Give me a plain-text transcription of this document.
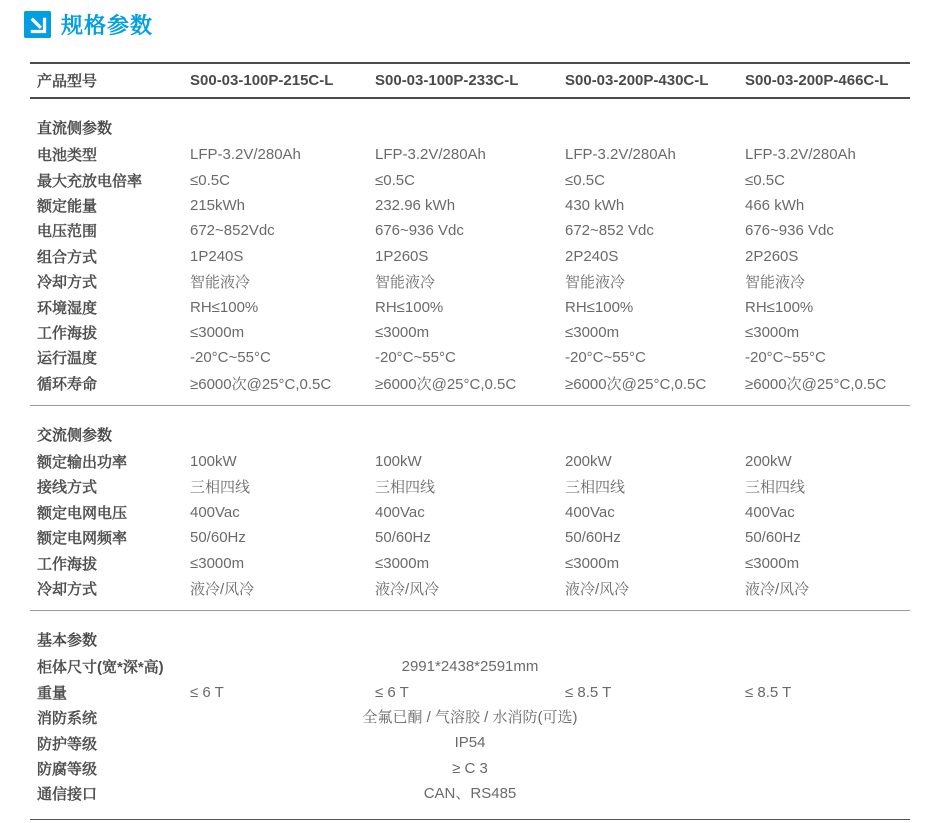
规格参数
产品型号	S00-03-100P-215C-L	S00-03-100P-233C-L	S00-03-200P-430C-L	S00-03-200P-466C-L
直流侧参数
电池类型	LFP-3.2V/280Ah	LFP-3.2V/280Ah	LFP-3.2V/280Ah	LFP-3.2V/280Ah
最大充放电倍率	≤0.5C	≤0.5C	≤0.5C	≤0.5C
额定能量	215kWh	232.96 kWh	430 kWh	466 kWh
电压范围	672~852Vdc	676~936 Vdc	672~852 Vdc	676~936 Vdc
组合方式	1P240S	1P260S	2P240S	2P260S
冷却方式	智能液冷	智能液冷	智能液冷	智能液冷
环境湿度	RH≤100%	RH≤100%	RH≤100%	RH≤100%
工作海拔	≤3000m	≤3000m	≤3000m	≤3000m
运行温度	-20°C~55°C	-20°C~55°C	-20°C~55°C	-20°C~55°C
循环寿命	≥6000次@25°C,0.5C	≥6000次@25°C,0.5C	≥6000次@25°C,0.5C	≥6000次@25°C,0.5C
交流侧参数
额定输出功率	100kW	100kW	200kW	200kW
接线方式	三相四线	三相四线	三相四线	三相四线
额定电网电压	400Vac	400Vac	400Vac	400Vac
额定电网频率	50/60Hz	50/60Hz	50/60Hz	50/60Hz
工作海拔	≤3000m	≤3000m	≤3000m	≤3000m
冷却方式	液冷/风冷	液冷/风冷	液冷/风冷	液冷/风冷
基本参数
柜体尺寸(宽*深*高)	2991*2438*2591mm
重量	≤ 6 T	≤ 6 T	≤ 8.5 T	≤ 8.5 T
消防系统	全氟已酮 / 气溶胶 / 水消防(可选)
防护等级	IP54
防腐等级	≥ C 3
通信接口	CAN、RS485
